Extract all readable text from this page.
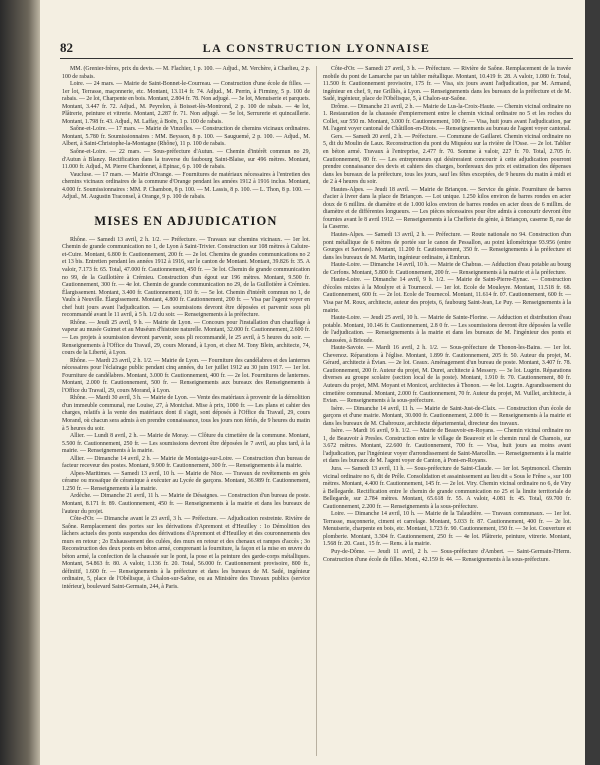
82	LA CONSTRUCTION LYONNAISE

MM. (Grenier-frères, prix du devis. — M. Flachier, 1 p. 100. — Adjud., M. Verchère, à Charlieu, 2 p. 100 de rabais.

Loire. — 24 mars. — Mairie de Saint-Bonnet-le-Courreau. — Construction d'une école de filles. — 1er lot, Terrasse, maçonnerie, etc. Montant, 13.114 fr. 74. Adjud., M. Perrin, à Firminy, 5 p. 100 de rabais. — 2e lot, Charpente en bois. Montant, 2.804 fr. 78. Non adjugé. — 3e lot, Menuiserie et parquets. Montant, 3.447 fr. 72. Adjud., M. Peyrelon, à Boisset-lès-Montrond, 2 p. 100 de rabais. — 4e lot, Plâtrerie, peinture et vitrerie. Montant, 2.287 fr. 71. Non adjugé. — 5e lot, Serrurerie et quincaillerie. Montant, 1.798 fr. 43. Adjud., M. Laffay, à Boën, 1 p. 100 de rabais.

Saône-et-Loire. — 17 mars. — Mairie de Vinzelles. — Construction de chemins vicinaux ordinaires. Montant, 5.780 fr. Soumissionnaires : MM. Beysson, 8 p. 100. — Sauguemé, 2 p. 100. — Adjud., M. Albert, à Saint-Christophe-la-Montagne (Rhône), 11 p. 100 de rabais.

Saône-et-Loire. — 22 mars. — Sous-préfecture d'Autun. — Chemin d'intérêt commun no 29, d'Autun à Blanzy. Rectification dans la traverse du faubourg Saint-Blaise, sur 496 mètres. Montant, 11.000 fr. Adjud., M. Pierre Chardonnet, à Epinac, 6 p. 100 de rabais.

Vaucluse. — 17 mars. — Mairie d'Orange. — Fournitures de matériaux nécessaires à l'entretien des chemins vicinaux ordinaires de la commune d'Orange pendant les années 1912 à 1916 inclus. Montant, 4.000 fr. Soumissionnaires : MM. P. Chambon, 8 p. 100. — M. Lassis, 8 p. 100. — L. Thon, 8 p. 100. — Adjud., M. Augustin Traconsel, à Orange, 9 p. 100 de rabais.

MISES EN ADJUDICATION

Rhône. — Samedi 13 avril, 2 h. 1/2. — Préfecture. — Travaux sur chemins vicinaux. — 1er lot. Chemin de grande communication no 1, de Lyon à Saint-Trivier. Construction sur 108 mètres à Caluire-et-Cuire. Montant, 6.800 fr. Cautionnement, 200 fr. — 2e lot. Chemins de grandes communications no 2 et 13 bis. Entretien pendant les années 1912 à 1916, sur le canton de Montant. Montant, 39.826 fr. 35. A valoir, 7.173 fr. 65. Total, 47.000 fr. Cautionnement, 450 fr. — 3e lot. Chemin de grande communication no 99, de la Guillotière à Crémieu. Construction d'un égout sur 196 mètres. Montant, 9.500 fr. Cautionnement, 300 fr. — 4e lot. Chemin de grande communication no 29, de la Guillotière à Crémieu. Élargissement. Montant, 3.400 fr. Cautionnement, 110 fr. — 5e lot. Chemin d'intérêt commun no 1, de Vaulx à Neuville. Élargissement. Montant, 4.800 fr. Cautionnement, 200 fr. — Visa par l'agent voyer en chef huit jours avant l'adjudication. — Les soumissions devront être déposées et parvenir sous pli recommandé avant le 11 avril, à 5 h. 1/2 du soir. — Renseignements à la préfecture.

Rhône. — Jeudi 25 avril, 9 h. — Mairie de Lyon. — Concours pour l'installation d'un chauffage à vapeur au musée Guimet et au Muséum d'histoire naturelle. Montant, 32.000 fr. Cautionnement, 2.600 fr. — Les projets à soumission devront parvenir, sous pli recommandé, le 25 avril, à 5 heures du soir. — Renseignements à l'Office du Travail, 29, cours Morand, à Lyon, et chez M. Tony Blein, architecte, 74, cours de la Liberté, à Lyon.

Rhône. — Mardi 23 avril, 2 h. 1/2. — Mairie de Lyon. — Fourniture des candélabres et des lanternes nécessaires pour l'éclairage public pendant cinq années, du 1er juillet 1912 au 30 juin 1917. — 1er lot. Fourniture de candélabres. Montant, 3.000 fr. Cautionnement, 400 fr. — 2e lot. Fournitures de lanternes. Montant, 2.000 fr. Cautionnement, 500 fr. — Renseignements aux bureaux des Renseignements à l'Office du Travail, 29, cours Morand, à Lyon.

Rhône. — Mardi 30 avril, 3 h. — Mairie de Lyon. — Vente des matériaux à provenir de la démolition d'un immeuble communal, rue Louise, 27, à Montchat. Mise à prix, 1000 fr. — Les plans et cahier des charges, relatifs à la vente des matériaux dont il s'agit, sont déposés à l'Office du Travail, 29, cours Morand, où chacun sera admis à en prendre connaissance, tous les jours non fériés, de 9 heures du matin à 5 heures du soir.

Allier. — Lundi 8 avril, 2 h. — Mairie de Moray. — Clôture du cimetière de la commune. Montant, 5.500 fr. Cautionnement, 250 fr. — Les soumissions devront être déposées le 7 avril, au plus tard, à la mairie. — Renseignements à la mairie.

Allier. — Dimanche 14 avril, 2 h. — Mairie de Montaigu-sur-Loire. — Construction d'un bureau de facteur receveur des postes. Montant, 9.900 fr. Cautionnement, 300 fr. — Renseignements à la mairie.

Alpes-Maritimes. — Samedi 13 avril, 10 h. — Mairie de Nice. — Travaux de revêtements en grès cérame ou mosaïque de céramique à exécuter au Lycée de garçons. Montant, 36.989 fr. Cautionnement, 1.250 fr. — Renseignements à la mairie.

Ardèche. — Dimanche 21 avril, 11 h. — Mairie de Désaignes. — Construction d'un bureau de poste. Montant, 8.171 fr. 89. Cautionnement, 450 fr. — Renseignements à la mairie et dans les bureaux de l'auteur du projet.

Côte-d'Or. — Dimanche avant le 23 avril, 3 h. — Préfecture. — Adjudication restreinte. Rivière de Saône. Remplacement des portes sur les dérivations d'Apremont et d'Heuilley : 1o Démolition des lâchers actuels des ponts suspendus des dérivations d'Apremont et d'Heuilley et des couronnements des murs en retour ; 2o Exhaussement des culées, des murs en retour et des chenaux et rampes d'accès ; 3o Reconstruction des deux ponts en béton armé, comprenant la fourniture, la façon et la mise en œuvre du béton armé, la confection de la chaussée sur le pont, la pose et la peinture des garde-corps métalliques. Montant, 54.863 fr. 80. A valoir, 1.136 fr. 20. Total, 56.000 fr. Cautionnement provisoire, 800 fr., définitif, 1.600 fr. — Renseignements à la préfecture et dans les bureaux de M. Sadé, ingénieur ordinaire, 5, place de l'Obélisque, à Chalon-sur-Saône, ou au Ministère des Travaux publics (service intérieur), boulevard Saint-Germain, 244, à Paris.

Côte-d'Or. — Samedi 27 avril, 3 h. — Préfecture. — Rivière de Saône. Remplacement de la travée mobile du pont de Lamarche par un tablier métallique. Montant, 10.419 fr. 28. A valoir, 1.080 fr. Total, 11.500 fr. Cautionnement provisoire, 175 fr. — Visa, six jours avant l'adjudication, par M. Armand, ingénieur en chef, 9, rue Grilliès, à Lyon. — Renseignements dans les bureaux de la préfecture et de M. Sadé, ingénieur, place de l'Obélisque, 5, à Chalon-sur-Saône.

Drôme. — Dimanche 21 avril, 2 h. — Mairie de Lus-la-Croix-Haute. — Chemin vicinal ordinaire no 1. Restauration de la chaussée d'empierrement entre le chemin vicinal ordinaire no 5 et les roches du Collet, sur 550 m. Montant, 3.000 fr. Cautionnement, 100 fr. — Visa, huit jours avant l'adjudication, par M. l'agent voyer cantonal de Châtillon-en-Diois. — Renseignements au bureau de l'agent voyer cantonal.

Gers. — Samedi 20 avril, 2 h. — Préfecture. — Commune de Gaillaret. Chemin vicinal ordinaire no 5, dit du Moulin de Laux. Reconstruction du pont du Miquéou sur la rivière de l'Osse. — 2e lot. Tablier en béton armé. Travaux à l'entreprise, 2.477 fr. 70. Somme à valoir, 227 fr. 70. Total, 2.705 fr. Cautionnement, 80 fr. — Les entrepreneurs qui désireraient concourir à cette adjudication pourront prendre connaissance des devis et cahiers des charges, bordereaux des prix et estimation des dépenses dans les bureaux de la préfecture, tous les jours, sauf les fêtes exceptées, de 9 heures du matin à midi et de 2 à 4 heures du soir.

Hautes-Alpes. — Jeudi 18 avril. — Mairie de Briançon. — Service du génie. Fourniture de barres d'acier à livrer dans la place de Briançon. — Lot unique. 1.250 kilos environ de barres rondes en acier doux de 6 millim. de diamètre et de 1.000 kilos environ de barres rondes en acier doux de 6 millim. de diamètre et de différentes longueurs. — Les pièces nécessaires pour être admis à concourir devront être fournies avant le 8 avril 1912. — Renseignements à la Chefferie du génie, à Briançon, caserne B, rue de la Caserne.

Hautes-Alpes. — Samedi 13 avril, 2 h. — Préfecture. — Route nationale no 94. Construction d'un pont métallique de 6 mètres de portée sur le canon de Pessallon, au point kilométrique 93.956 (entre Gourges et Savines). Montant, 11.200 fr. Cautionnement, 350 fr. — Renseignements à la préfecture et dans les bureaux de M. Martin, ingénieur ordinaire, à Embrun.

Haute-Loire. — Dimanche 14 avril, 10 h. — Mairie de Chabras. — Adduction d'eau potable au bourg de Cerfons. Montant, 5.800 fr. Cautionnement, 200 fr. — Renseignements à la mairie et à la préfecture.

Haute-Loire. — Dimanche 14 avril, 9 h. 1/2. — Mairie de Saint-Pierre-Eynac. — Construction d'écoles mixtes à la Moulyre et à Tournecol. — 1er lot. Ecole de Mouleyre. Montant, 11.518 fr. 68. Cautionnement, 600 fr. — 2e lot. Ecole de Tournecol. Montant, 11.614 fr. 07. Cautionnement, 600 fr. — Visa par M. Roux, architecte, auteur des projets, 6, faubourg Saint-Jean, Le Puy. — Renseignements à la mairie.

Haute-Loire. — Jeudi 25 avril, 10 h. — Mairie de Sainte-Florine. — Adduction et distribution d'eau potable. Montant, 10.146 fr. Cautionnement, 2.8 0 fr. — Les soumissions devront être déposées la veille de l'adjudication. — Renseignements à la mairie et dans les bureaux de M. l'ingénieur des ponts et chaussées, à Brioude.

Haute-Savoie. — Mardi 16 avril, 2 h. 1/2. — Sous-préfecture de Thonon-les-Bains. — 1er lot. Chevenoz. Réparations à l'église. Montant, 1.899 fr. Cautionnement, 205 fr. 50. Auteur du projet, M. Gérard, architecte à Évian. — 2e lot. Ceaux. Aménagement d'un bureau de poste. Montant, 3.407 fr. 78. Cautionnement, 200 fr. Auteur du projet, M. Duret, architecte à Messery. — 3e lot. Lugrin. Réparations diverses au groupe scolaire (section local de la poste). Montant, 1.910 fr. 70. Cautionnement, 80 fr. Auteurs du projet, MM. Moyant et Monicot, architectes à Thonon. — 4e lot. Lugrin. Agrandissement du cimetière communal. Montant, 2.000 fr. Cautionnement, 70 fr. Auteur du projet, M. Vuillet, architecte, à Evian. — Renseignements à la sous-préfecture.

Isère. — Dimanche 14 avril, 11 h. — Mairie de Saint-Just-de-Claix. — Construction d'un école de garçons et d'une mairie. Montant, 30.000 fr. Cautionnement, 2.000 fr. — Renseignements à la mairie et dans les bureaux de M. Chabrouze, architecte départemental, directeur des travaux.

Isère. — Mardi 16 avril, 9 h. 1/2. — Mairie de Beauvoir-en-Royans. — Chemin vicinal ordinaire no 1, de Beauvoir à Presles. Construction entre le village de Beauvoir et le chemin rural de Chamois, sur 3.672 mètres. Montant, 22.600 fr. Cautionnement, 700 fr. — Visa, huit jours au moins avant l'adjudication, par l'ingénieur voyer d'arrondissement de Saint-Marcellin. — Renseignements à la mairie et dans les bureaux de M. l'agent voyer de Canton, à Pont-en-Royans.

Jura. — Samedi 13 avril, 11 h. — Sous-préfecture de Saint-Claude. — 1er lot. Septmoncel. Chemin vicinal ordinaire no 6, dit de Prêle. Consolidation et assainissement au lieu dit « Sous le Frêne », sur 100 mètres. Montant, 4.400 fr. Cautionnement, 145 fr. — 2e lot. Viry. Chemin vicinal ordinaire no 6, de Viry à Bellegarde. Rectification entre le chemin de grande communication no 25 et la limite territoriale de Bellegarde, sur 2.784 mètres. Montant, 65.618 fr. 55. A valoir, 4.081 fr. 45. Total, 69.700 fr. Cautionnement, 2.200 fr. — Renseignements à la sous-préfecture.

Loire. — Dimanche 14 avril, 10 h. — Mairie de la Talaudière. — Travaux communaux. — 1er lot. Terrasse, maçonnerie, ciment et carrelage. Montant, 5.033 fr. 87. Cautionnement, 400 fr. — 2e lot. Menuiserie, charpente en bois, etc. Montant, 1.723 fr. 90. Cautionnement, 150 fr. — 3e lot. Couverture et plomberie. Montant, 3.304 fr. Cautionnement, 250 fr. — 4e lot. Plâtrerie, peinture, vitrerie. Montant, 1.568 fr. 20. Caut., 15 fr. — Rens. à la mairie.

Puy-de-Dôme. — Jeudi 11 avril, 2 h. — Sous-préfecture d'Ambert. — Saint-Germain-l'Herm. Construction d'une école de filles. Mont., 42.159 fr. 44. — Renseignements à la sous-préfecture.
